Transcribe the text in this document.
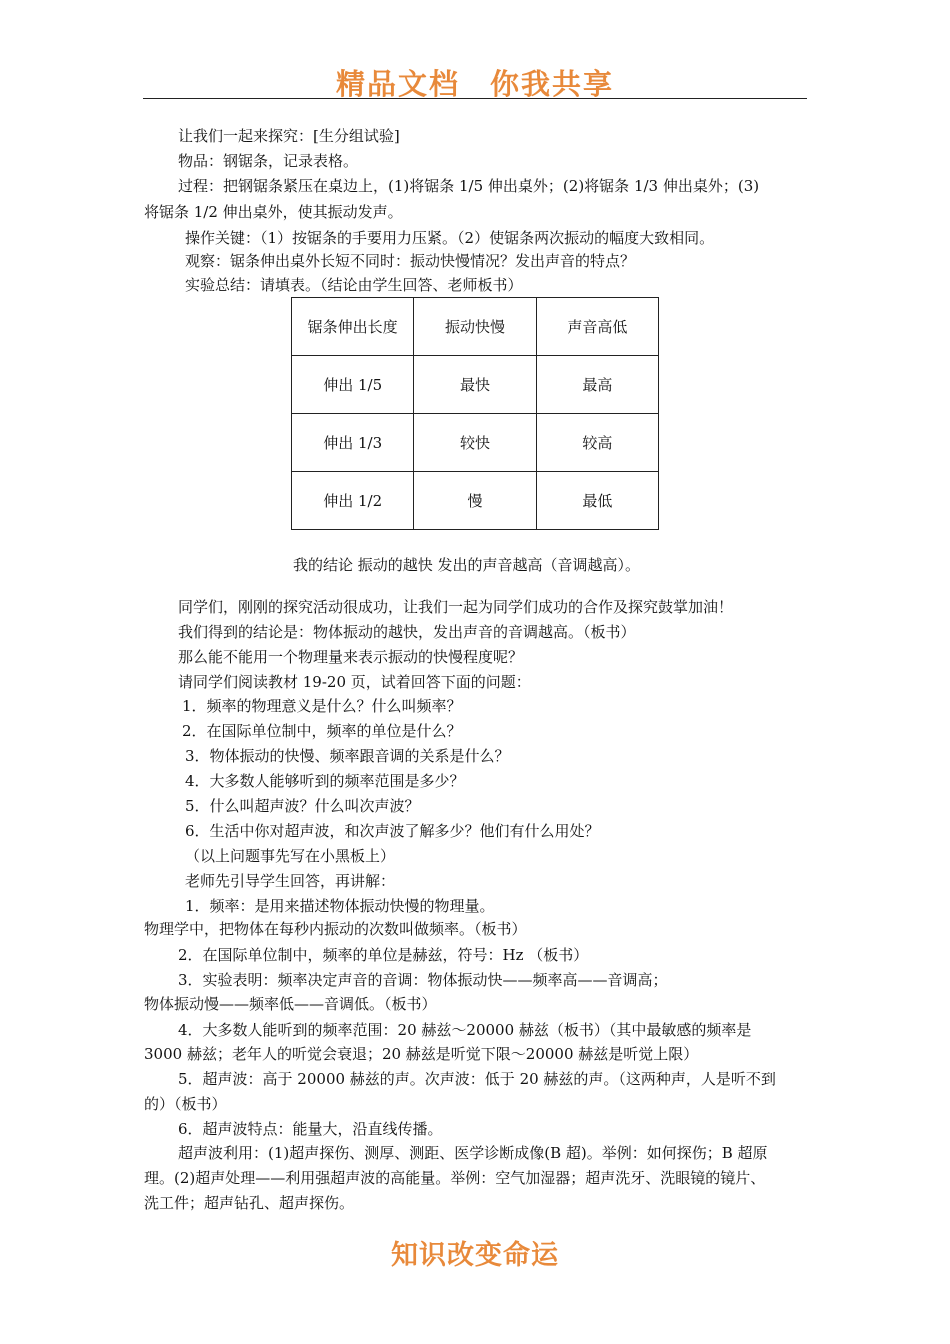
精品文档 你我共享
让我们一起来探究：[生分组试验]
物品：钢锯条，记录表格。
过程：把钢锯条紧压在桌边上，(1)将锯条 1/5 伸出桌外；(2)将锯条 1/3 伸出桌外；(3)
将锯条 1/2 伸出桌外，使其振动发声。
操作关键：（1）按锯条的手要用力压紧。（2）使锯条两次振动的幅度大致相同。
观察：锯条伸出桌外长短不同时：振动快慢情况？发出声音的特点？
实验总结：请填表。（结论由学生回答、老师板书）
锯条伸出长度	振动快慢	声音高低
伸出 1/5	最快	最高
伸出 1/3	较快	较高
伸出 1/2	慢	最低
我的结论 振动的越快 发出的声音越高（音调越高）。
同学们，刚刚的探究活动很成功，让我们一起为同学们成功的合作及探究鼓掌加油！
我们得到的结论是：物体振动的越快，发出声音的音调越高。（板书）
那么能不能用一个物理量来表示振动的快慢程度呢？
请同学们阅读教材 19-20 页，试着回答下面的问题：
1．频率的物理意义是什么？什么叫频率？
2．在国际单位制中，频率的单位是什么？
3．物体振动的快慢、频率跟音调的关系是什么？
4．大多数人能够听到的频率范围是多少？
5．什么叫超声波？什么叫次声波？
6．生活中你对超声波，和次声波了解多少？他们有什么用处？
（以上问题事先写在小黑板上）
老师先引导学生回答，再讲解：
1．频率：是用来描述物体振动快慢的物理量。
物理学中，把物体在每秒内振动的次数叫做频率。（板书）
2．在国际单位制中，频率的单位是赫兹，符号：Hz （板书）
3．实验表明：频率决定声音的音调：物体振动快——频率高——音调高；
物体振动慢——频率低——音调低。（板书）
4．大多数人能听到的频率范围：20 赫兹～20000 赫兹（板书）（其中最敏感的频率是
3000 赫兹；老年人的听觉会衰退；20 赫兹是听觉下限～20000 赫兹是听觉上限）
5．超声波：高于 20000 赫兹的声。次声波：低于 20 赫兹的声。（这两种声，人是听不到
的）（板书）
6．超声波特点：能量大，沿直线传播。
超声波利用：(1)超声探伤、测厚、测距、医学诊断成像(B 超)。举例：如何探伤；B 超原
理。(2)超声处理——利用强超声波的高能量。举例：空气加湿器；超声洗牙、洗眼镜的镜片、
洗工件；超声钻孔、超声探伤。
知识改变命运
